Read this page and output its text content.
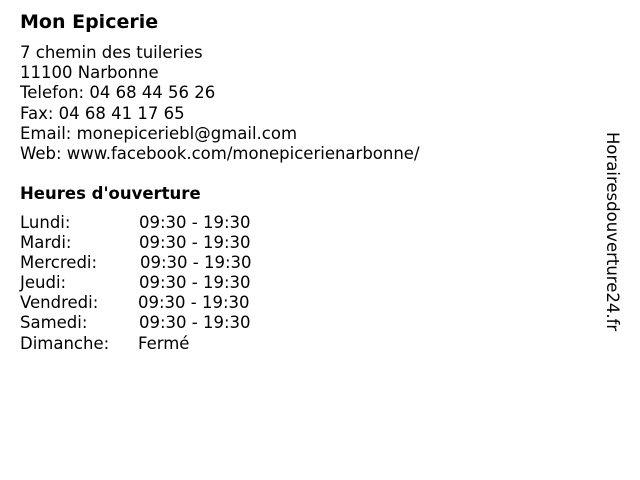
Mon Epicerie
7 chemin des tuileries
11100 Narbonne
Telefon: 04 68 44 56 26
Fax: 04 68 41 17 65
Email: monepiceriebl@gmail.com
Web: www.facebook.com/monepicerienarbonne/
Heures d'ouverture
Lundi:	09:30 - 19:30
Mardi:	09:30 - 19:30
Mercredi:	09:30 - 19:30
Jeudi:	09:30 - 19:30
Vendredi: 09:30 - 19:30
Samedi:	09:30 - 19:30
Dimanche: Fermé
Horairesdouverture24.fr
